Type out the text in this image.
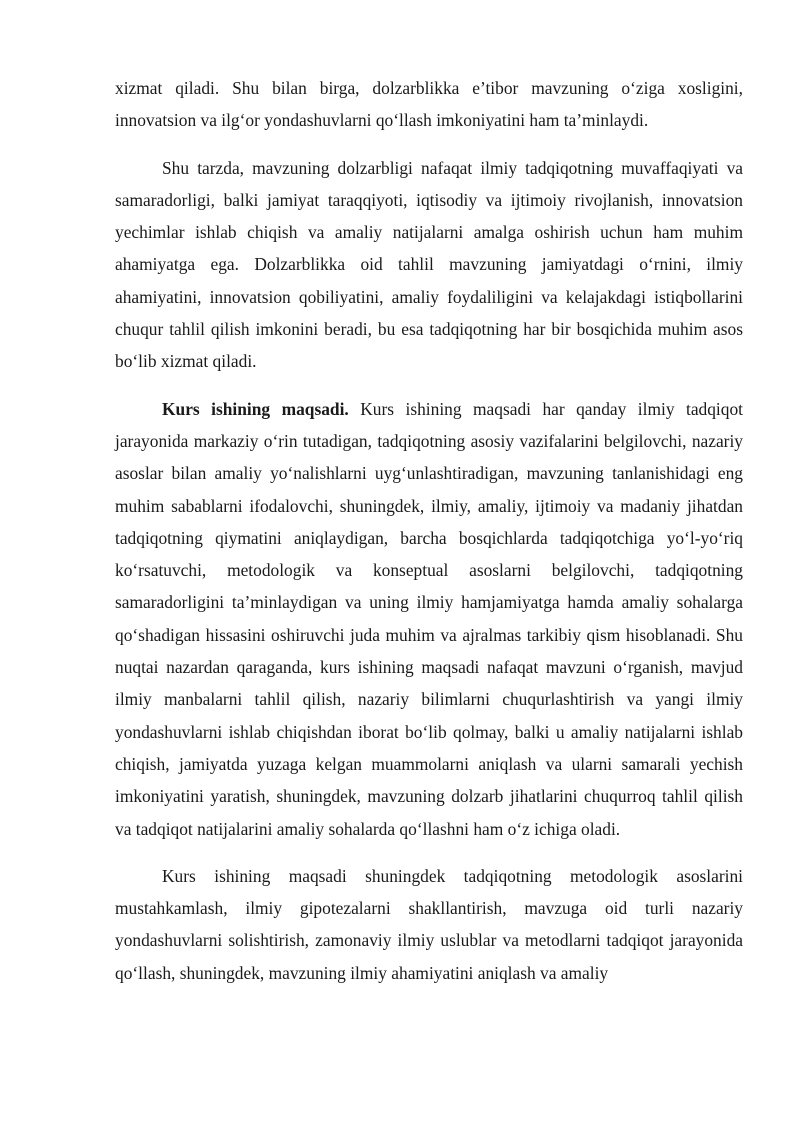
xizmat qiladi. Shu bilan birga, dolzarblikka e’tibor mavzuning o‘ziga xosligini, innovatsion va ilg‘or yondashuvlarni qo‘llash imkoniyatini ham ta’minlaydi.

Shu tarzda, mavzuning dolzarbligi nafaqat ilmiy tadqiqotning muvaffaqiyati va samaradorligi, balki jamiyat taraqqiyoti, iqtisodiy va ijtimoiy rivojlanish, innovatsion yechimlar ishlab chiqish va amaliy natijalarni amalga oshirish uchun ham muhim ahamiyatga ega. Dolzarblikka oid tahlil mavzuning jamiyatdagi o‘rnini, ilmiy ahamiyatini, innovatsion qobiliyatini, amaliy foydaliligini va kelajakdagi istiqbollarini chuqur tahlil qilish imkonini beradi, bu esa tadqiqotning har bir bosqichida muhim asos bo‘lib xizmat qiladi.

Kurs ishining maqsadi. Kurs ishining maqsadi har qanday ilmiy tadqiqot jarayonida markaziy o‘rin tutadigan, tadqiqotning asosiy vazifalarini belgilovchi, nazariy asoslar bilan amaliy yo‘nalishlarni uyg‘unlashtiradigan, mavzuning tanlanishidagi eng muhim sabablarni ifodalovchi, shuningdek, ilmiy, amaliy, ijtimoiy va madaniy jihatdan tadqiqotning qiymatini aniqlaydigan, barcha bosqichlarda tadqiqotchiga yo‘l-yo‘riq ko‘rsatuvchi, metodologik va konseptual asoslarni belgilovchi, tadqiqotning samaradorligini ta’minlaydigan va uning ilmiy hamjamiyatga hamda amaliy sohalarga qo‘shadigan hissasini oshiruvchi juda muhim va ajralmas tarkibiy qism hisoblanadi. Shu nuqtai nazardan qaraganda, kurs ishining maqsadi nafaqat mavzuni o‘rganish, mavjud ilmiy manbalarni tahlil qilish, nazariy bilimlarni chuqurlashtirish va yangi ilmiy yondashuvlarni ishlab chiqishdan iborat bo‘lib qolmay, balki u amaliy natijalarni ishlab chiqish, jamiyatda yuzaga kelgan muammolarni aniqlash va ularni samarali yechish imkoniyatini yaratish, shuningdek, mavzuning dolzarb jihatlarini chuqurroq tahlil qilish va tadqiqot natijalarini amaliy sohalarda qo‘llashni ham o‘z ichiga oladi.

Kurs ishining maqsadi shuningdek tadqiqotning metodologik asoslarini mustahkamlash, ilmiy gipotezalarni shakllantirish, mavzuga oid turli nazariy yondashuvlarni solishtirish, zamonaviy ilmiy uslublar va metodlarni tadqiqot jarayonida qo‘llash, shuningdek, mavzuning ilmiy ahamiyatini aniqlash va amaliy
